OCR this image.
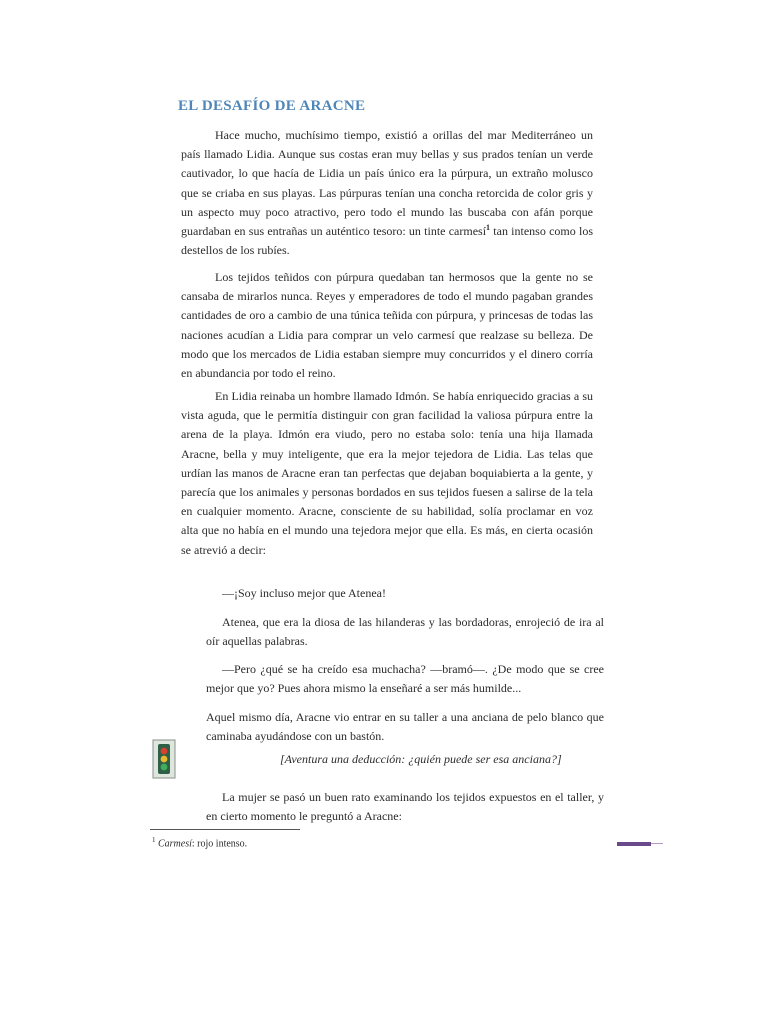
EL DESAFÍO DE ARACNE

Hace mucho, muchísimo tiempo, existió a orillas del mar Mediterráneo un país llamado Lidia. Aunque sus costas eran muy bellas y sus prados tenían un verde cautivador, lo que hacía de Lidia un país único era la púrpura, un extraño molusco que se criaba en sus playas. Las púrpuras tenían una concha retorcida de color gris y un aspecto muy poco atractivo, pero todo el mundo las buscaba con afán porque guardaban en sus entrañas un auténtico tesoro: un tinte carmesí$^1$ tan intenso como los destellos de los rubíes.

Los tejidos teñidos con púrpura quedaban tan hermosos que la gente no se cansaba de mirarlos nunca. Reyes y emperadores de todo el mundo pagaban grandes cantidades de oro a cambio de una túnica teñida con púrpura, y princesas de todas las naciones acudían a Lidia para comprar un velo carmesí que realzase su belleza. De modo que los mercados de Lidia estaban siempre muy concurridos y el dinero corría en abundancia por todo el reino.

En Lidia reinaba un hombre llamado Idmón. Se había enriquecido gracias a su vista aguda, que le permitía distinguir con gran facilidad la valiosa púrpura entre la arena de la playa. Idmón era viudo, pero no estaba solo: tenía una hija llamada Aracne, bella y muy inteligente, que era la mejor tejedora de Lidia. Las telas que urdían las manos de Aracne eran tan perfectas que dejaban boquiabierta a la gente, y parecía que los animales y personas bordados en sus tejidos fuesen a salirse de la tela en cualquier momento. Aracne, consciente de su habilidad, solía proclamar en voz alta que no había en el mundo una tejedora mejor que ella. Es más, en cierta ocasión se atrevió a decir:

—¡Soy incluso mejor que Atenea!

Atenea, que era la diosa de las hilanderas y las bordadoras, enrojeció de ira al oír aquellas palabras.

—Pero ¿qué se ha creído esa muchacha? —bramó—. ¿De modo que se cree mejor que yo? Pues ahora mismo la enseñaré a ser más humilde...

Aquel mismo día, Aracne vio entrar en su taller a una anciana de pelo blanco que caminaba ayudándose con un bastón.

[Aventura una deducción: ¿quién puede ser esa anciana?]

La mujer se pasó un buen rato examinando los tejidos expuestos en el taller, y en cierto momento le preguntó a Aracne:

$^1$ Carmesí: rojo intenso.
